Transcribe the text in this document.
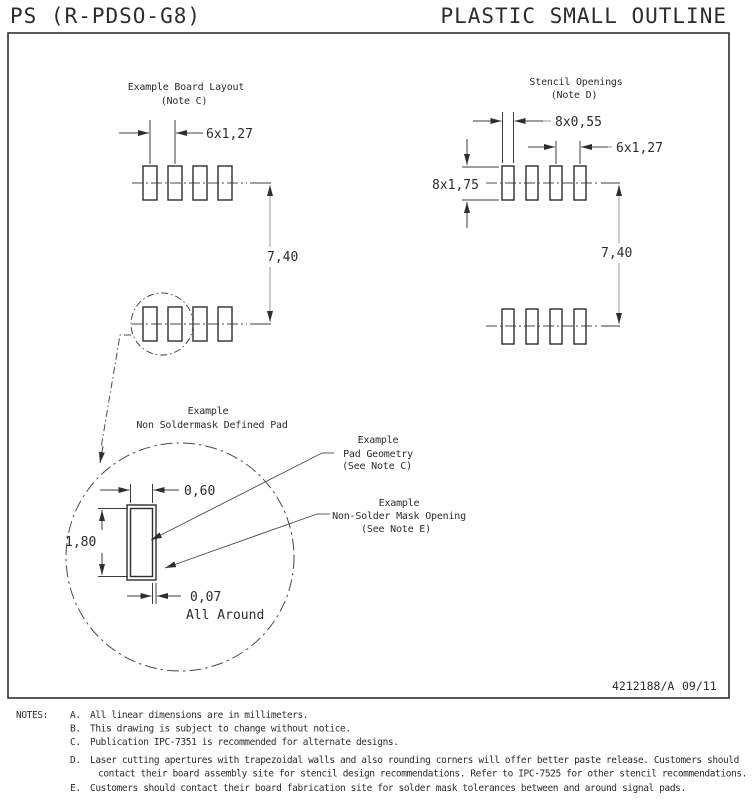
PS (R-PDSO-G8)	PLASTIC SMALL OUTLINE
Example Board Layout
(Note C)
6x1,27
7,40
Example
Non Soldermask Defined Pad
0,60
1,80
0,07
All Around
Example
Pad Geometry
(See Note C)
Example
Non-Solder Mask Opening
(See Note E)
Stencil Openings
(Note D)
8x0,55
6x1,27
8x1,75
7,40
4212188/A 09/11
NOTES: A. All linear dimensions are in millimeters.
B. This drawing is subject to change without notice.
C. Publication IPC-7351 is recommended for alternate designs.
D. Laser cutting apertures with trapezoidal walls and also rounding corners will offer better paste release. Customers should
contact their board assembly site for stencil design recommendations. Refer to IPC-7525 for other stencil recommendations.
E. Customers should contact their board fabrication site for solder mask tolerances between and around signal pads.
